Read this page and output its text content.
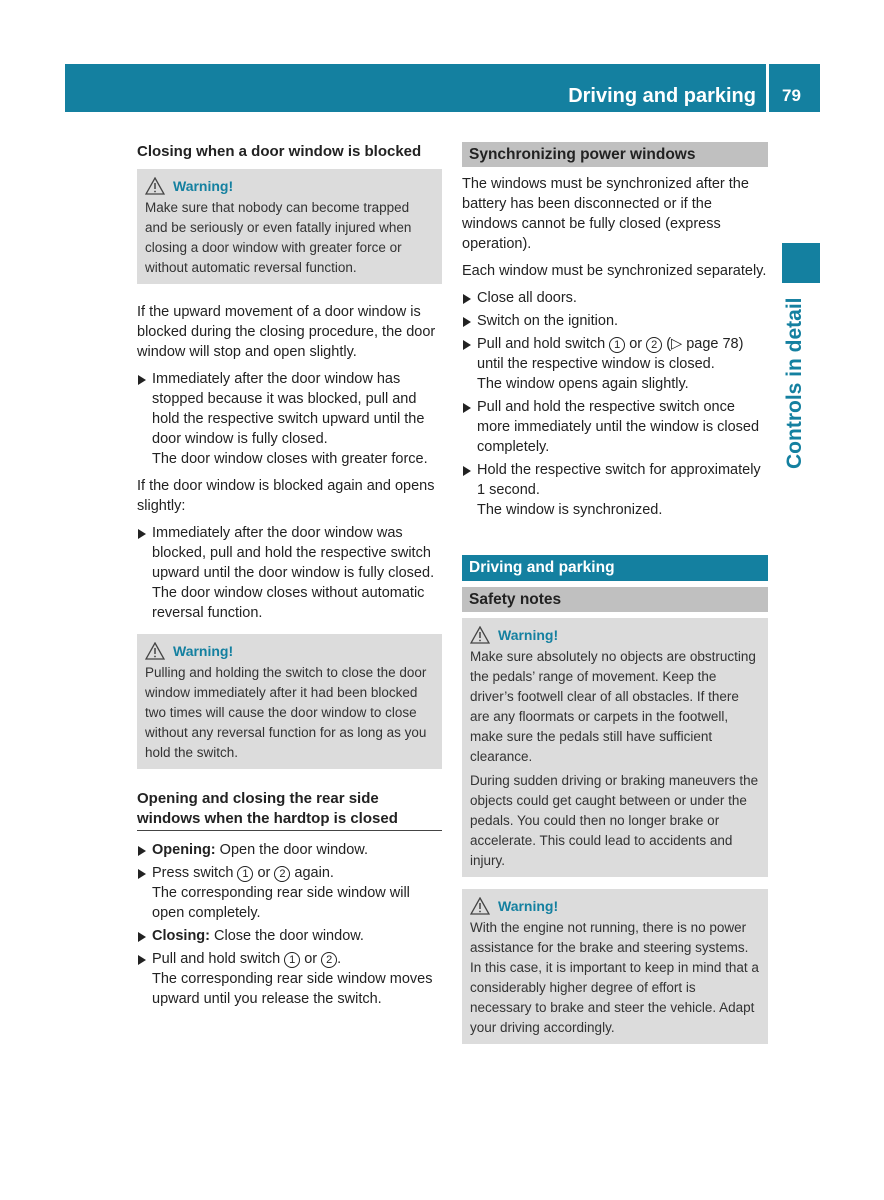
Driving and parking 79
Controls in detail
Closing when a door window is blocked
Warning!

Make sure that nobody can become trapped and be seriously or even fatally injured when closing a door window with greater force or without automatic reversal function.

If the upward movement of a door window is blocked during the closing procedure, the door window will stop and open slightly.

Immediately after the door window has stopped because it was blocked, pull and hold the respective switch upward until the door window is fully closed.
The door window closes with greater force.

If the door window is blocked again and opens slightly:

Immediately after the door window was blocked, pull and hold the respective switch upward until the door window is fully closed.
The door window closes without automatic reversal function.
Warning!

Pulling and holding the switch to close the door window immediately after it had been blocked two times will cause the door window to close without any reversal function for as long as you hold the switch.

Opening and closing the rear side windows when the hardtop is closed
Opening: Open the door window.
Press switch 1 or 2 again.
The corresponding rear side window will open completely.
Closing: Close the door window.
Pull and hold switch 1 or 2 .
The corresponding rear side window moves upward until you release the switch.
Synchronizing power windows

The windows must be synchronized after the battery has been disconnected or if the windows cannot be fully closed (express operation).

Each window must be synchronized separately.

Close all doors.
Switch on the ignition.
Pull and hold switch 1 or 2 (▷ page 78) until the respective window is closed.
The window opens again slightly.
Pull and hold the respective switch once more immediately until the window is closed completely.
Hold the respective switch for approximately 1 second.
The window is synchronized.
Driving and parking
Safety notes
Warning!

Make sure absolutely no objects are obstructing the pedals’ range of movement. Keep the driver’s footwell clear of all obstacles. If there are any floormats or carpets in the footwell, make sure the pedals still have sufficient clearance.

During sudden driving or braking maneuvers the objects could get caught between or under the pedals. You could then no longer brake or accelerate. This could lead to accidents and injury.

Warning!

With the engine not running, there is no power assistance for the brake and steering systems. In this case, it is important to keep in mind that a considerably higher degree of effort is necessary to brake and steer the vehicle. Adapt your driving accordingly.
